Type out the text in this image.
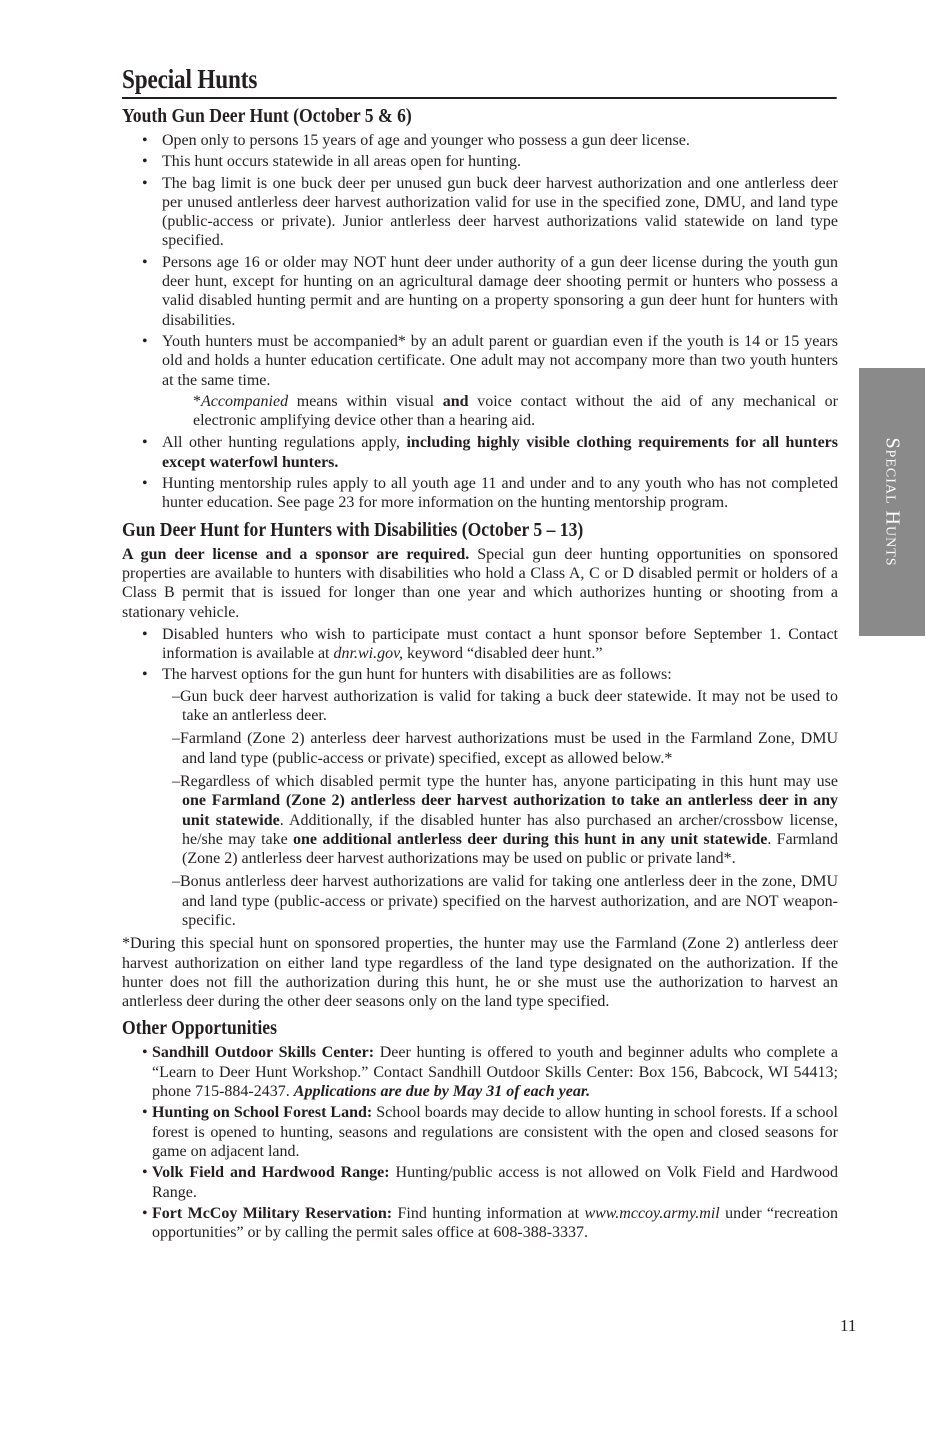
Special Hunts
Special Hunts
Youth Gun Deer Hunt (October 5 & 6)
• Open only to persons 15 years of age and younger who possess a gun deer license.
• This hunt occurs statewide in all areas open for hunting.
• The bag limit is one buck deer per unused gun buck deer harvest authorization and one antlerless deer per unused antlerless deer harvest authorization valid for use in the specified zone, DMU, and land type (public-access or private). Junior antlerless deer harvest authorizations valid statewide on land type specified.
• Persons age 16 or older may NOT hunt deer under authority of a gun deer license during the youth gun deer hunt, except for hunting on an agricultural damage deer shooting permit or hunters who possess a valid disabled hunting permit and are hunting on a property sponsoring a gun deer hunt for hunters with disabilities.
• Youth hunters must be accompanied* by an adult parent or guardian even if the youth is 14 or 15 years old and holds a hunter education certificate. One adult may not accompany more than two youth hunters at the same time.

*Accompanied means within visual and voice contact without the aid of any mechanical or electronic amplifying device other than a hearing aid.

• All other hunting regulations apply, including highly visible clothing requirements for all hunters except waterfowl hunters.
• Hunting mentorship rules apply to all youth age 11 and under and to any youth who has not completed hunter education. See page 23 for more information on the hunting mentorship program.
Gun Deer Hunt for Hunters with Disabilities (October 5 – 13)

A gun deer license and a sponsor are required. Special gun deer hunting opportunities on sponsored properties are available to hunters with disabilities who hold a Class A, C or D disabled permit or holders of a Class B permit that is issued for longer than one year and which authorizes hunting or shooting from a stationary vehicle.

• Disabled hunters who wish to participate must contact a hunt sponsor before September 1. Contact information is available at dnr.wi.gov, keyword “disabled deer hunt.”
• The harvest options for the gun hunt for hunters with disabilities are as follows:

–Gun buck deer harvest authorization is valid for taking a buck deer statewide. It may not be used to take an antlerless deer.

–Farmland (Zone 2) anterless deer harvest authorizations must be used in the Farmland Zone, DMU and land type (public-access or private) specified, except as allowed below.*

–Regardless of which disabled permit type the hunter has, anyone participating in this hunt may use one Farmland (Zone 2) antlerless deer harvest authorization to take an antlerless deer in any unit statewide. Additionally, if the disabled hunter has also purchased an archer/crossbow license, he/she may take one additional antlerless deer during this hunt in any unit statewide. Farmland (Zone 2) antlerless deer harvest authorizations may be used on public or private land*.

–Bonus antlerless deer harvest authorizations are valid for taking one antlerless deer in the zone, DMU and land type (public-access or private) specified on the harvest authorization, and are NOT weapon-specific.

*During this special hunt on sponsored properties, the hunter may use the Farmland (Zone 2) antlerless deer harvest authorization on either land type regardless of the land type designated on the authorization. If the hunter does not fill the authorization during this hunt, he or she must use the authorization to harvest an antlerless deer during the other deer seasons only on the land type specified.

Other Opportunities
• Sandhill Outdoor Skills Center: Deer hunting is offered to youth and beginner adults who complete a “Learn to Deer Hunt Workshop.” Contact Sandhill Outdoor Skills Center: Box 156, Babcock, WI 54413; phone 715-884-2437. Applications are due by May 31 of each year.
• Hunting on School Forest Land: School boards may decide to allow hunting in school forests. If a school forest is opened to hunting, seasons and regulations are consistent with the open and closed seasons for game on adjacent land.
• Volk Field and Hardwood Range: Hunting/public access is not allowed on Volk Field and Hardwood Range.
• Fort McCoy Military Reservation: Find hunting information at www.mccoy.army.mil under “recreation opportunities” or by calling the permit sales office at 608-388-3337.
11
